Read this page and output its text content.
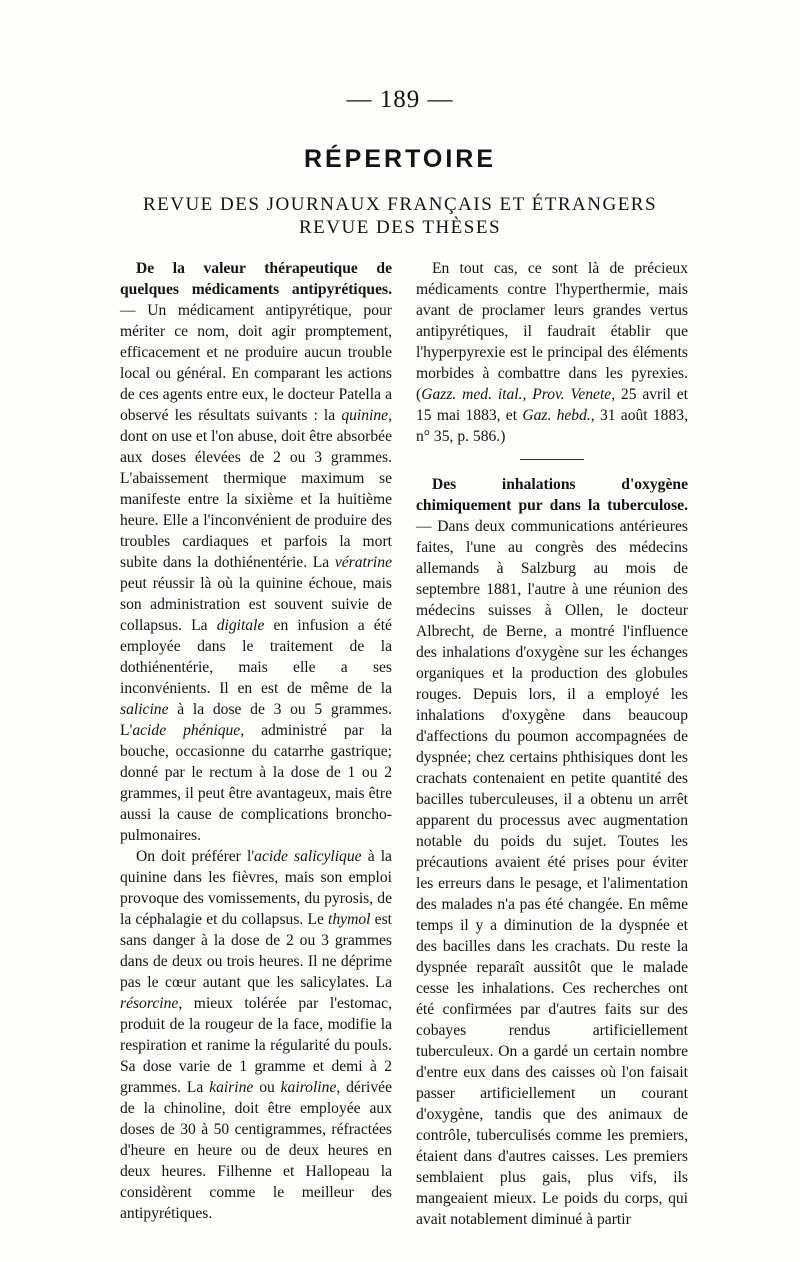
— 189 —
RÉPERTOIRE
REVUE DES JOURNAUX FRANÇAIS ET ÉTRANGERS
REVUE DES THÈSES

De la valeur thérapeutique de quelques médicaments antipyrétiques. — Un médicament antipyrétique, pour mériter ce nom, doit agir promptement, efficacement et ne produire aucun trouble local ou général. En comparant les actions de ces agents entre eux, le docteur Patella a observé les résultats suivants : la quinine, dont on use et l'on abuse, doit être absorbée aux doses élevées de 2 ou 3 grammes. L'abaissement thermique maximum se manifeste entre la sixième et la huitième heure. Elle a l'inconvénient de produire des troubles cardiaques et parfois la mort subite dans la dothiénentérie. La vératrine peut réussir là où la quinine échoue, mais son administration est souvent suivie de collapsus. La digitale en infusion a été employée dans le traitement de la dothiénentérie, mais elle a ses inconvénients. Il en est de même de la salicine à la dose de 3 ou 5 grammes. L'acide phénique, administré par la bouche, occasionne du catarrhe gastrique; donné par le rectum à la dose de 1 ou 2 grammes, il peut être avantageux, mais être aussi la cause de complications broncho-pulmonaires.

On doit préférer l'acide salicylique à la quinine dans les fièvres, mais son emploi provoque des vomissements, du pyrosis, de la céphalagie et du collapsus. Le thymol est sans danger à la dose de 2 ou 3 grammes dans de deux ou trois heures. Il ne déprime pas le cœur autant que les salicylates. La résorcine, mieux tolérée par l'estomac, produit de la rougeur de la face, modifie la respiration et ranime la régularité du pouls. Sa dose varie de 1 gramme et demi à 2 grammes. La kairine ou kairoline, dérivée de la chinoline, doit être employée aux doses de 30 à 50 centigrammes, réfractées d'heure en heure ou de deux heures en deux heures. Filhenne et Hallopeau la considèrent comme le meilleur des antipyrétiques.

En tout cas, ce sont là de précieux médicaments contre l'hyperthermie, mais avant de proclamer leurs grandes vertus antipyrétiques, il faudrait établir que l'hyperpyrexie est le principal des éléments morbides à combattre dans les pyrexies. (Gazz. med. ital., Prov. Venete, 25 avril et 15 mai 1883, et Gaz. hebd., 31 août 1883, n° 35, p. 586.)

Des inhalations d'oxygène chimiquement pur dans la tuberculose. — Dans deux communications antérieures faites, l'une au congrès des médecins allemands à Salzburg au mois de septembre 1881, l'autre à une réunion des médecins suisses à Ollen, le docteur Albrecht, de Berne, a montré l'influence des inhalations d'oxygène sur les échanges organiques et la production des globules rouges. Depuis lors, il a employé les inhalations d'oxygène dans beaucoup d'affections du poumon accompagnées de dyspnée; chez certains phthisiques dont les crachats contenaient en petite quantité des bacilles tuberculeuses, il a obtenu un arrêt apparent du processus avec augmentation notable du poids du sujet. Toutes les précautions avaient été prises pour éviter les erreurs dans le pesage, et l'alimentation des malades n'a pas été changée. En même temps il y a diminution de la dyspnée et des bacilles dans les crachats. Du reste la dyspnée reparaît aussitôt que le malade cesse les inhalations. Ces recherches ont été confirmées par d'autres faits sur des cobayes rendus artificiellement tuberculeux. On a gardé un certain nombre d'entre eux dans des caisses où l'on faisait passer artificiellement un courant d'oxygène, tandis que des animaux de contrôle, tuberculisés comme les premiers, étaient dans d'autres caisses. Les premiers semblaient plus gais, plus vifs, ils mangeaient mieux. Le poids du corps, qui avait notablement diminué à partir
